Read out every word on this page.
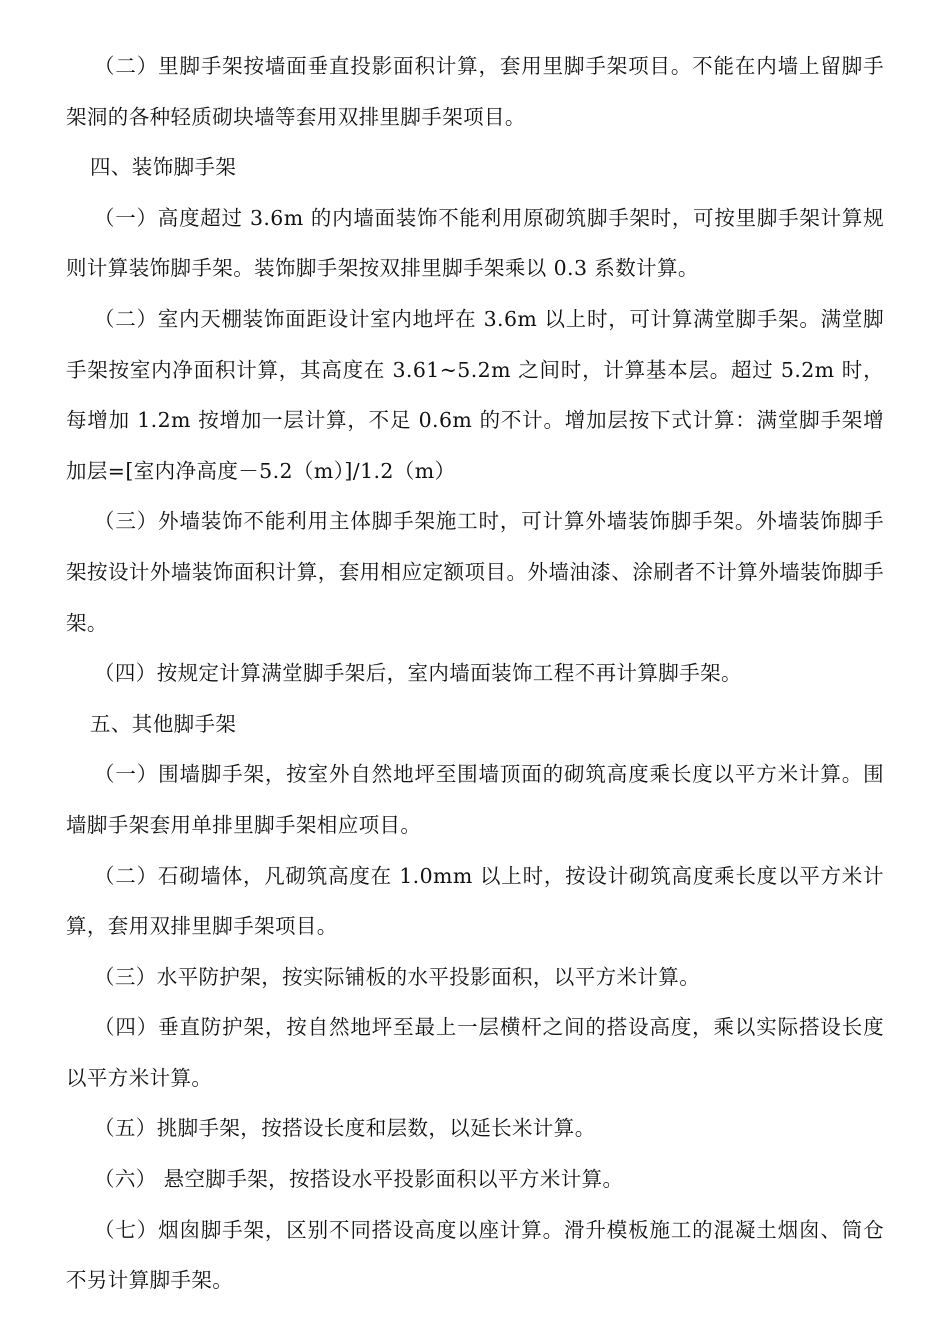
（二）里脚手架按墙面垂直投影面积计算，套用里脚手架项目。不能在内墙上留脚手架洞的各种轻质砌块墙等套用双排里脚手架项目。

四、装饰脚手架

（一）高度超过 3.6m 的内墙面装饰不能利用原砌筑脚手架时，可按里脚手架计算规则计算装饰脚手架。装饰脚手架按双排里脚手架乘以 0.3 系数计算。

（二）室内天棚装饰面距设计室内地坪在 3.6m 以上时，可计算满堂脚手架。满堂脚手架按室内净面积计算，其高度在 3.61~5.2m 之间时，计算基本层。超过 5.2m 时，每增加 1.2m 按增加一层计算，不足 0.6m 的不计。增加层按下式计算：满堂脚手架增加层=[室内净高度－5.2（m）]/1.2（m）

（三）外墙装饰不能利用主体脚手架施工时，可计算外墙装饰脚手架。外墙装饰脚手架按设计外墙装饰面积计算，套用相应定额项目。外墙油漆、涂刷者不计算外墙装饰脚手架。

（四）按规定计算满堂脚手架后，室内墙面装饰工程不再计算脚手架。

五、其他脚手架

（一）围墙脚手架，按室外自然地坪至围墙顶面的砌筑高度乘长度以平方米计算。围墙脚手架套用单排里脚手架相应项目。

（二）石砌墙体，凡砌筑高度在 1.0mm 以上时，按设计砌筑高度乘长度以平方米计算，套用双排里脚手架项目。

（三）水平防护架，按实际铺板的水平投影面积，以平方米计算。

（四）垂直防护架，按自然地坪至最上一层横杆之间的搭设高度，乘以实际搭设长度以平方米计算。

（五）挑脚手架，按搭设长度和层数，以延长米计算。

（六） 悬空脚手架，按搭设水平投影面积以平方米计算。

（七）烟囱脚手架，区别不同搭设高度以座计算。滑升模板施工的混凝土烟囱、筒仓不另计算脚手架。
